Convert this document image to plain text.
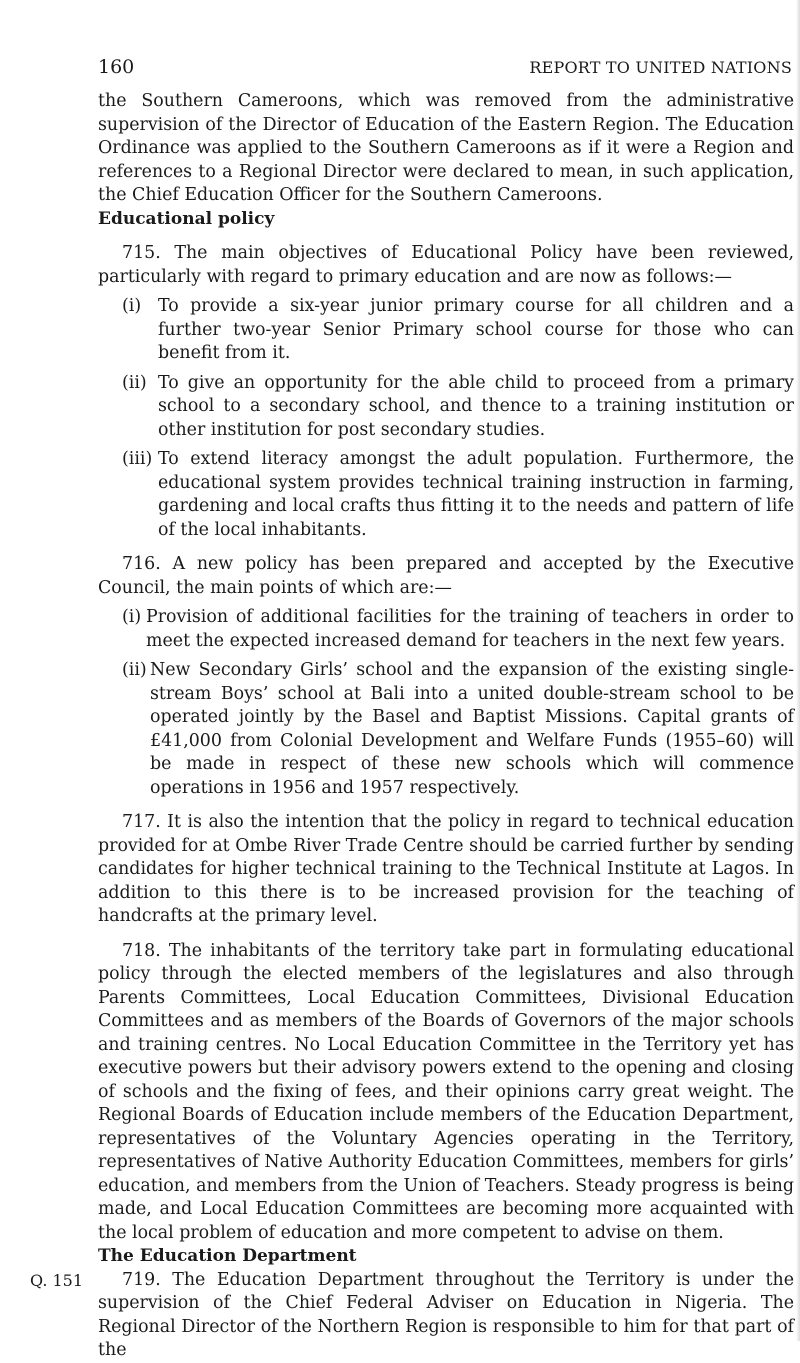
160	REPORT TO UNITED NATIONS

the Southern Cameroons, which was removed from the administrative supervision of the Director of Education of the Eastern Region. The Education Ordinance was applied to the Southern Cameroons as if it were a Region and references to a Regional Director were declared to mean, in such application, the Chief Education Officer for the Southern Cameroons.

Educational policy

715. The main objectives of Educational Policy have been reviewed, particularly with regard to primary education and are now as follows:—

(i) To provide a six-year junior primary course for all children and a further two-year Senior Primary school course for those who can benefit from it.
(ii) To give an opportunity for the able child to proceed from a primary school to a secondary school, and thence to a training institution or other institution for post secondary studies.
(iii) To extend literacy amongst the adult population. Furthermore, the educational system provides technical training instruction in farming, gardening and local crafts thus fitting it to the needs and pattern of life of the local inhabitants.

716. A new policy has been prepared and accepted by the Executive Council, the main points of which are:—

(i) Provision of additional facilities for the training of teachers in order to meet the expected increased demand for teachers in the next few years.
(ii) New Secondary Girls’ school and the expansion of the existing single-stream Boys’ school at Bali into a united double-stream school to be operated jointly by the Basel and Baptist Missions. Capital grants of £41,000 from Colonial Development and Welfare Funds (1955–60) will be made in respect of these new schools which will commence operations in 1956 and 1957 respectively.

717. It is also the intention that the policy in regard to technical education provided for at Ombe River Trade Centre should be carried further by sending candidates for higher technical training to the Technical Institute at Lagos. In addition to this there is to be increased provision for the teaching of handcrafts at the primary level.

718. The inhabitants of the territory take part in formulating educational policy through the elected members of the legislatures and also through Parents Committees, Local Education Committees, Divisional Education Committees and as members of the Boards of Governors of the major schools and training centres. No Local Education Committee in the Territory yet has executive powers but their advisory powers extend to the opening and closing of schools and the fixing of fees, and their opinions carry great weight. The Regional Boards of Education include members of the Education Department, representatives of the Voluntary Agencies operating in the Territory, representatives of Native Authority Education Committees, members for girls’ education, and members from the Union of Teachers. Steady progress is being made, and Local Education Committees are becoming more acquainted with the local problem of education and more competent to advise on them.

The Education Department

719. The Education Department throughout the Territory is under the supervision of the Chief Federal Adviser on Education in Nigeria. The Regional Director of the Northern Region is responsible to him for that part of the

Q. 151
